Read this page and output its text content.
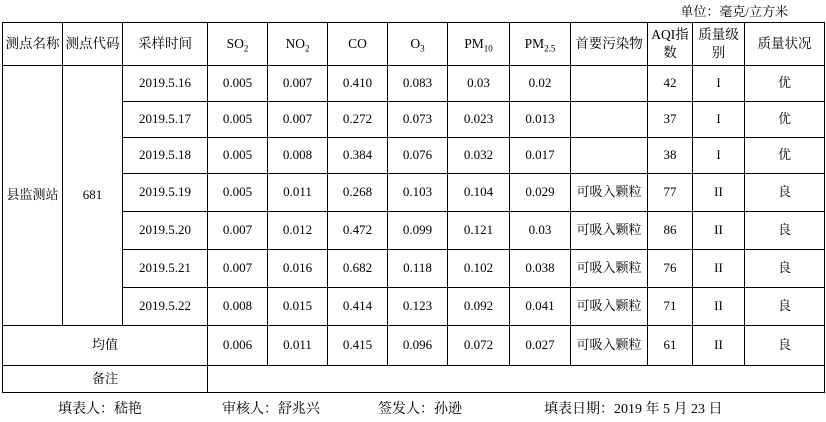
单位：毫克/立方米
测点名称	测点代码	采样时间	$SO_2$	$NO_2$	CO	$O_3$	$PM_{10}$	$PM_{2.5}$	首要污染物	AQI指数	质量级别	质量状况
县监测站	681	2019.5.16	0.005	0.007	0.410	0.083	0.03	0.02		42	I	优
		2019.5.17	0.005	0.007	0.272	0.073	0.023	0.013		37	I	优
		2019.5.18	0.005	0.008	0.384	0.076	0.032	0.017		38	I	优
		2019.5.19	0.005	0.011	0.268	0.103	0.104	0.029	可吸入颗粒	77	II	良
		2019.5.20	0.007	0.012	0.472	0.099	0.121	0.03	可吸入颗粒	86	II	良
		2019.5.21	0.007	0.016	0.682	0.118	0.102	0.038	可吸入颗粒	76	II	良
		2019.5.22	0.008	0.015	0.414	0.123	0.092	0.041	可吸入颗粒	71	II	良
均值			0.006	0.011	0.415	0.096	0.072	0.027	可吸入颗粒	61	II	良
备注												
填表人：嵇艳	审核人：舒兆兴	签发人：孙逊	填表日期：2019 年 5 月 23 日
